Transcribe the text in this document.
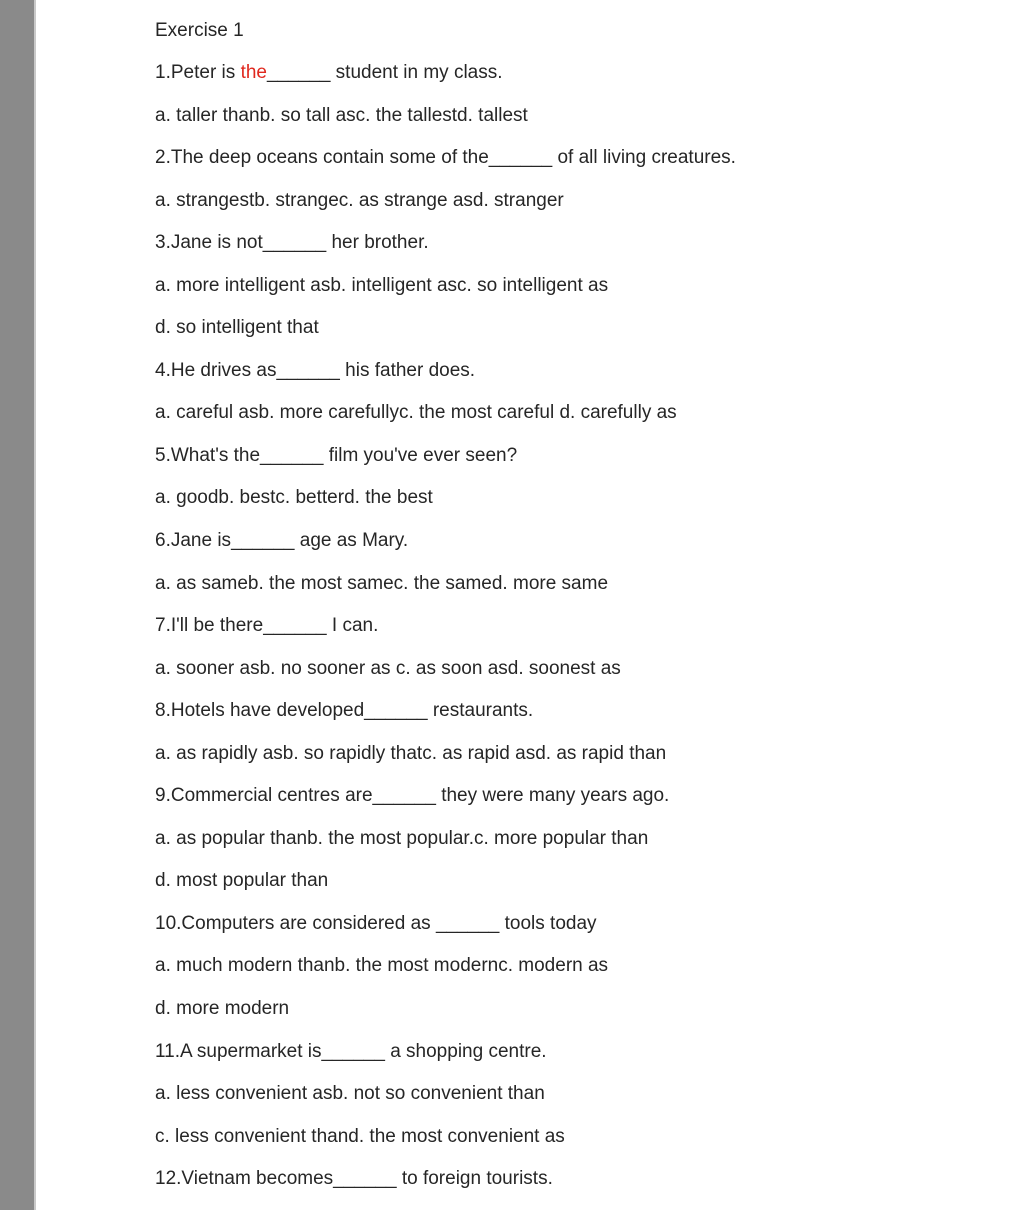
Exercise 1
1.Peter is the______ student in my class.
a. taller thanb. so tall asc. the tallestd. tallest
2.The deep oceans contain some of the______ of all living creatures.
a. strangestb. strangec. as strange asd. stranger
3.Jane is not______ her brother.
a. more intelligent asb. intelligent asc. so intelligent as
d. so intelligent that
4.He drives as______ his father does.
a. careful asb. more carefullyc. the most careful d. carefully as
5.What's the______ film you've ever seen?
a. goodb. bestc. betterd. the best
6.Jane is______ age as Mary.
a. as sameb. the most samec. the samed. more same
7.I'll be there______ I can.
a. sooner asb. no sooner as c. as soon asd. soonest as
8.Hotels have developed______ restaurants.
a. as rapidly asb. so rapidly thatc. as rapid asd. as rapid than
9.Commercial centres are______ they were many years ago.
a. as popular thanb. the most popular.c. more popular than
d. most popular than
10.Computers are considered as ______ tools today
a. much modern thanb. the most modernc. modern as
d. more modern
11.A supermarket is______ a shopping centre.
a. less convenient asb. not so convenient than
c. less convenient thand. the most convenient as
12.Vietnam becomes______ to foreign tourists.
